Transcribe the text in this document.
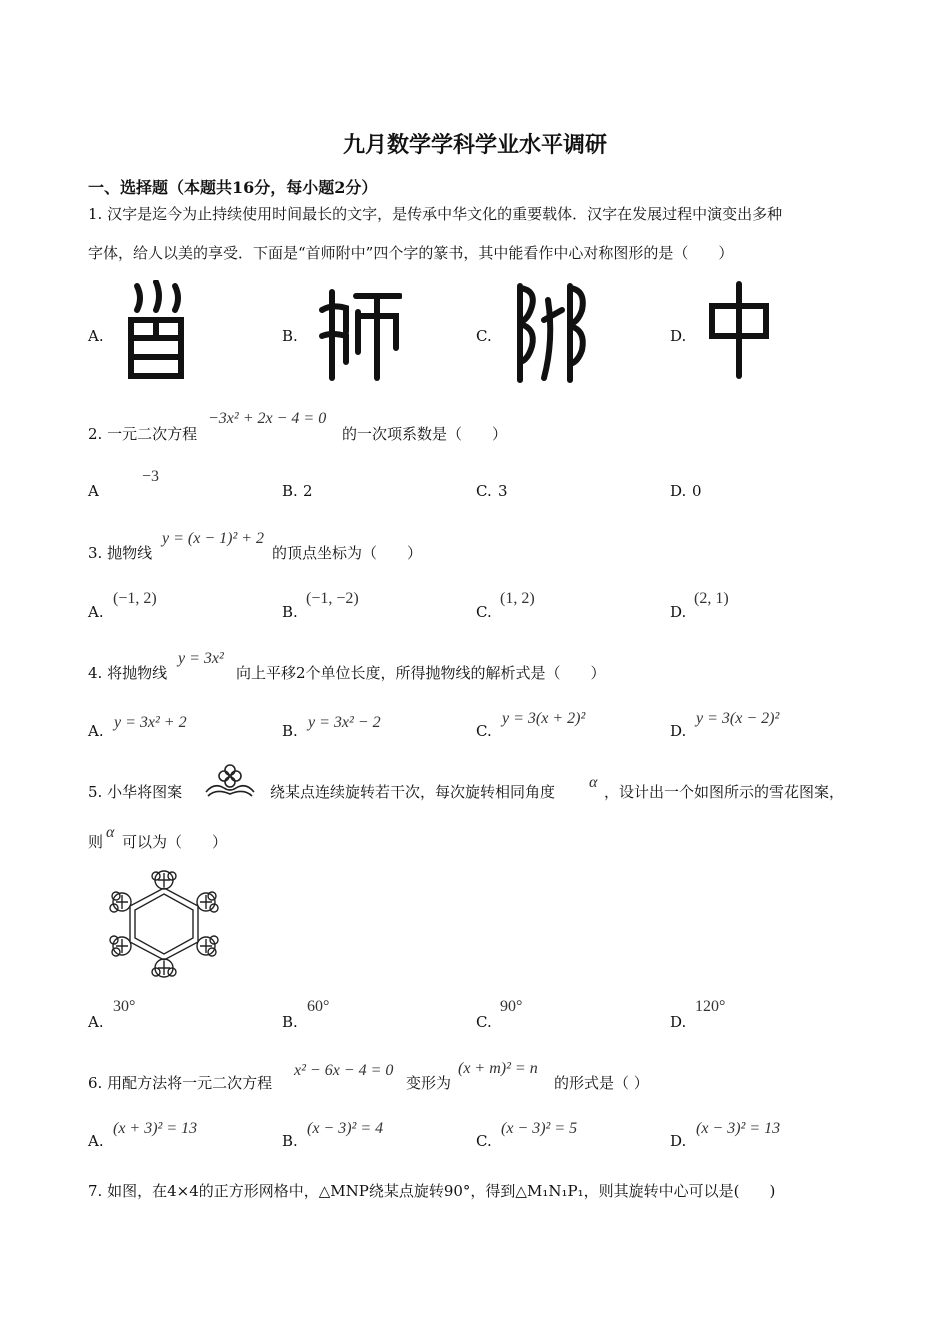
九月数学学科学业水平调研
一、选择题（本题共16分，每小题2分）
1. 汉字是迄今为止持续使用时间最长的文字，是传承中华文化的重要载体．汉字在发展过程中演变出多种
字体，给人以美的享受．下面是“首师附中”四个字的篆书，其中能看作中心对称图形的是（　　）
A.	B.	C.	D.
2. 一元二次方程
−3x² + 2x − 4 = 0
的一次项系数是（　　）
A
−3
B. 2	C. 3	D. 0
3. 抛物线
y = (x − 1)² + 2
的顶点坐标为（　　）
A.
(−1, 2)
B.
(−1, −2)
C.
(1, 2)
D.
(2, 1)
4. 将抛物线
y = 3x²
向上平移2个单位长度，所得抛物线的解析式是（　　）
A. y = 3x² + 2	B. y = 3x² − 2	C.
y = 3(x + 2)²
D.
y = 3(x − 2)²
5. 小华将图案	绕某点连续旋转若干次，每次旋转相同角度
α
，设计出一个如图所示的雪花图案，
则
α
可以为（　　）
A.
30°
B.
60°
C.
90°
D.
120°
6. 用配方法将一元二次方程
x² − 6x − 4 = 0
变形为
(x + m)² = n
的形式是（ ）
A.
(x + 3)² = 13
B.
(x − 3)² = 4
C.
(x − 3)² = 5
D.
(x − 3)² = 13
7. 如图，在4×4的正方形网格中，△MNP绕某点旋转90°，得到△M₁N₁P₁，则其旋转中心可以是(　　)
